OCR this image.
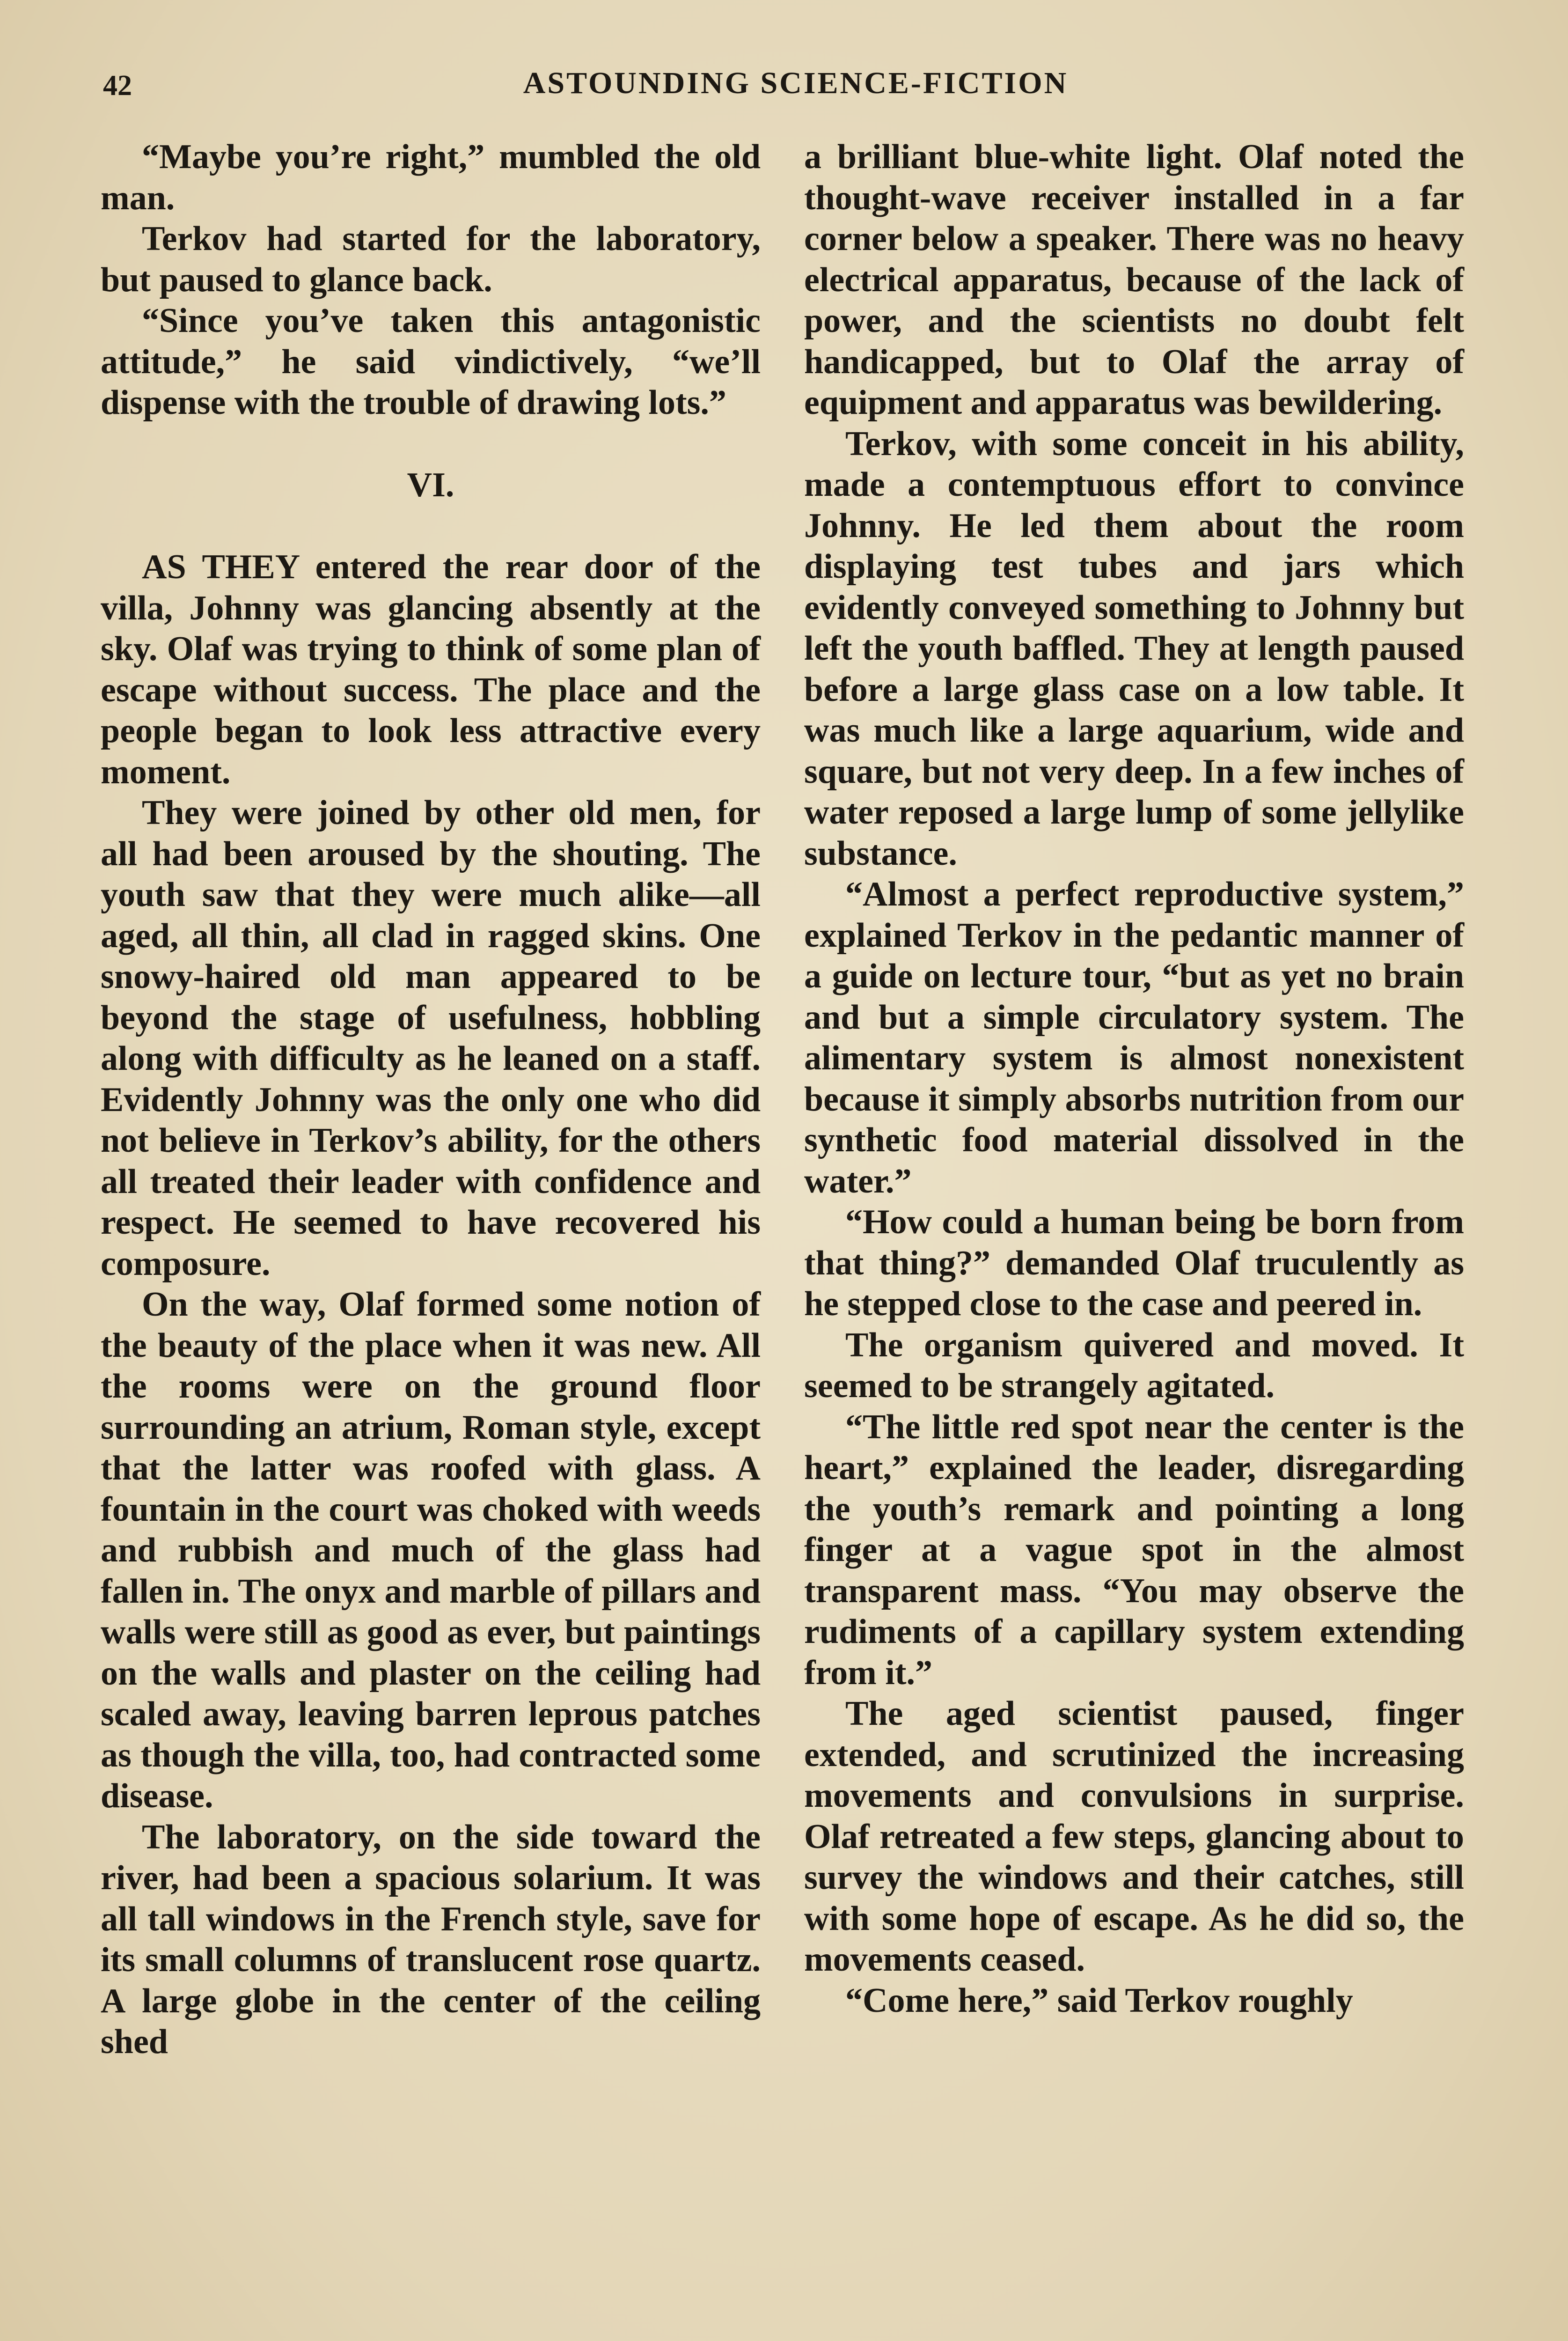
42	ASTOUNDING SCIENCE-FICTION

“Maybe you’re right,” mumbled the old man.

Terkov had started for the laboratory, but paused to glance back.

“Since you’ve taken this antagonistic attitude,” he said vindictively, “we’ll dispense with the trouble of drawing lots.”

VI.

AS THEY entered the rear door of the villa, Johnny was glancing absently at the sky. Olaf was trying to think of some plan of escape without success. The place and the people began to look less attractive every moment.

They were joined by other old men, for all had been aroused by the shouting. The youth saw that they were much alike—all aged, all thin, all clad in ragged skins. One snowy-haired old man appeared to be beyond the stage of usefulness, hobbling along with difficulty as he leaned on a staff. Evidently Johnny was the only one who did not believe in Terkov’s ability, for the others all treated their leader with confidence and respect. He seemed to have recovered his composure.

On the way, Olaf formed some notion of the beauty of the place when it was new. All the rooms were on the ground floor surrounding an atrium, Roman style, except that the latter was roofed with glass. A fountain in the court was choked with weeds and rubbish and much of the glass had fallen in. The onyx and marble of pillars and walls were still as good as ever, but paintings on the walls and plaster on the ceiling had scaled away, leaving barren leprous patches as though the villa, too, had contracted some disease.

The laboratory, on the side toward the river, had been a spacious solarium. It was all tall windows in the French style, save for its small columns of translucent rose quartz. A large globe in the center of the ceiling shed

a brilliant blue-white light. Olaf noted the thought-wave receiver installed in a far corner below a speaker. There was no heavy electrical apparatus, because of the lack of power, and the scientists no doubt felt handicapped, but to Olaf the array of equipment and apparatus was bewildering.

Terkov, with some conceit in his ability, made a contemptuous effort to convince Johnny. He led them about the room displaying test tubes and jars which evidently conveyed something to Johnny but left the youth baffled. They at length paused before a large glass case on a low table. It was much like a large aquarium, wide and square, but not very deep. In a few inches of water reposed a large lump of some jellylike substance.

“Almost a perfect reproductive system,” explained Terkov in the pedantic manner of a guide on lecture tour, “but as yet no brain and but a simple circulatory system. The alimentary system is almost nonexistent because it simply absorbs nutrition from our synthetic food material dissolved in the water.”

“How could a human being be born from that thing?” demanded Olaf truculently as he stepped close to the case and peered in.

The organism quivered and moved. It seemed to be strangely agitated.

“The little red spot near the center is the heart,” explained the leader, disregarding the youth’s remark and pointing a long finger at a vague spot in the almost transparent mass. “You may observe the rudiments of a capillary system extending from it.”

The aged scientist paused, finger extended, and scrutinized the increasing movements and convulsions in surprise. Olaf retreated a few steps, glancing about to survey the windows and their catches, still with some hope of escape. As he did so, the movements ceased.

“Come here,” said Terkov roughly
